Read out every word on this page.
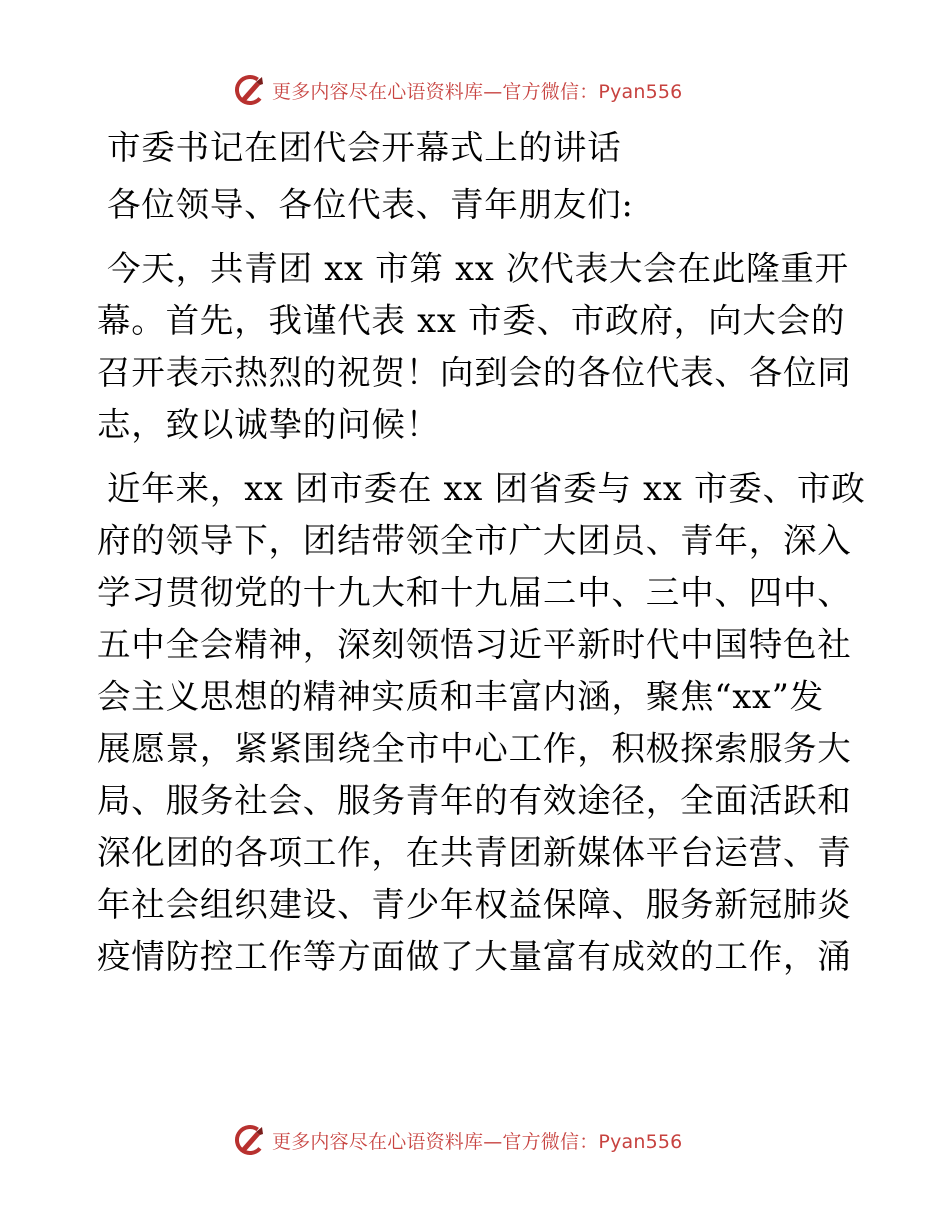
更多内容尽在心语资料库—官方微信：Pyan556
市委书记在团代会开幕式上的讲话
各位领导、各位代表、青年朋友们:
今天，共青团 xx 市第 xx 次代表大会在此隆重开
幕。首先，我谨代表 xx 市委、市政府，向大会的
召开表示热烈的祝贺！向到会的各位代表、各位同
志，致以诚挚的问候！
近年来，xx 团市委在 xx 团省委与 xx 市委、市政
府的领导下，团结带领全市广大团员、青年，深入
学习贯彻党的十九大和十九届二中、三中、四中、
五中全会精神，深刻领悟习近平新时代中国特色社
会主义思想的精神实质和丰富内涵，聚焦“xx”发
展愿景，紧紧围绕全市中心工作，积极探索服务大
局、服务社会、服务青年的有效途径，全面活跃和
深化团的各项工作，在共青团新媒体平台运营、青
年社会组织建设、青少年权益保障、服务新冠肺炎
疫情防控工作等方面做了大量富有成效的工作，涌
更多内容尽在心语资料库—官方微信：Pyan556
